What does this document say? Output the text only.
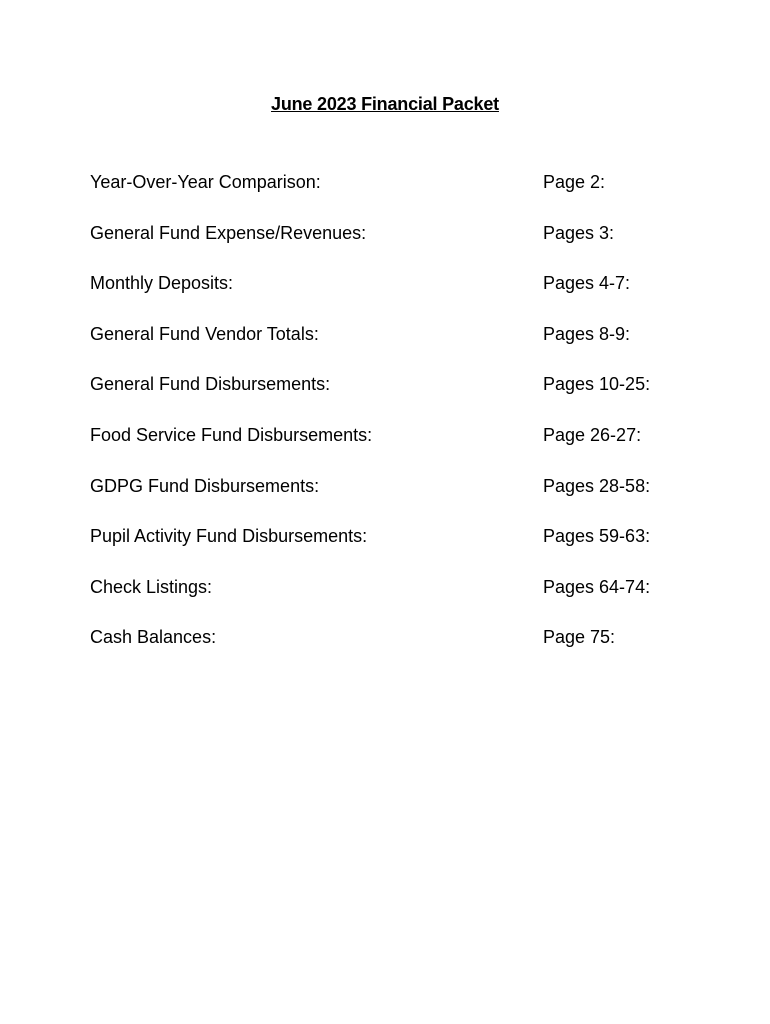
June 2023 Financial Packet
Year-Over-Year Comparison:	Page 2:
General Fund Expense/Revenues:	Pages 3:
Monthly Deposits:	Pages 4-7:
General Fund Vendor Totals:	Pages 8-9:
General Fund Disbursements:	Pages 10-25:
Food Service Fund Disbursements:	Page 26-27:
GDPG Fund Disbursements:	Pages 28-58:
Pupil Activity Fund Disbursements:	Pages 59-63:
Check Listings:	Pages 64-74:
Cash Balances:	Page 75:
